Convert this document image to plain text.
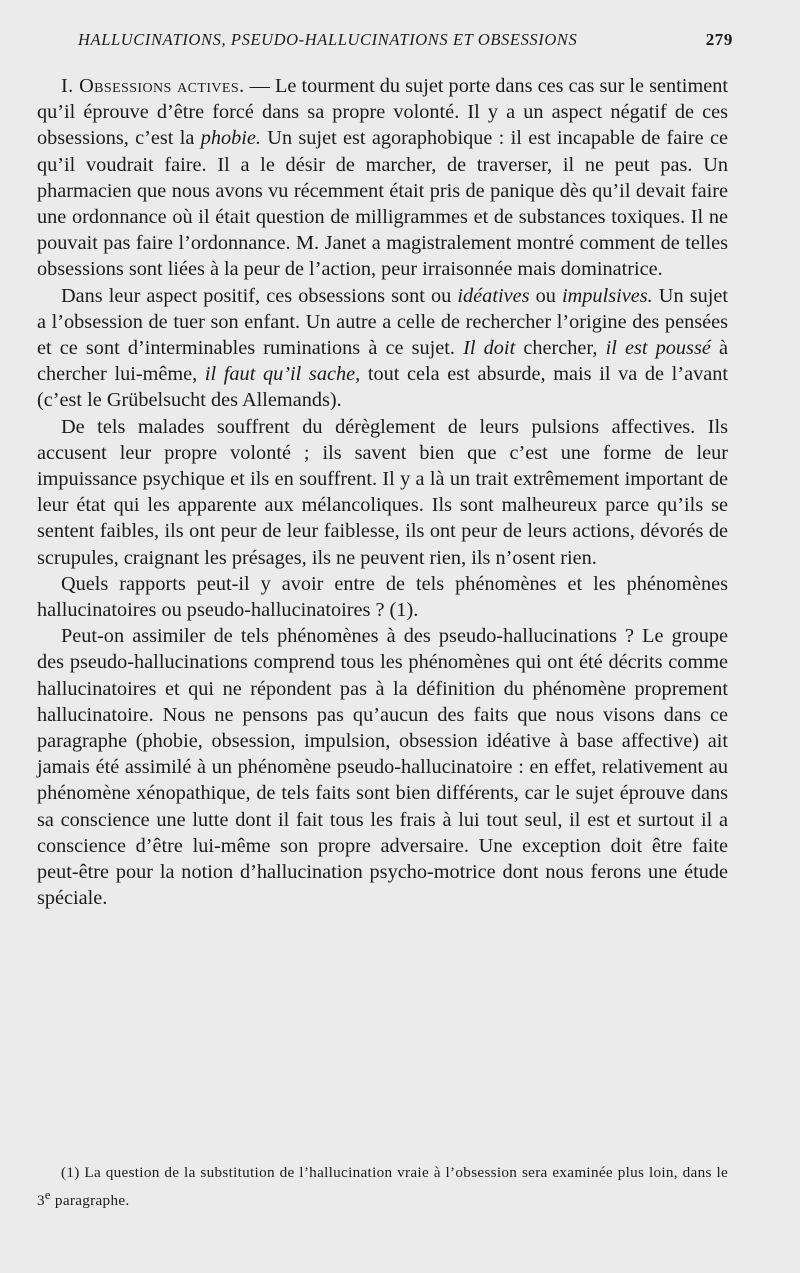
HALLUCINATIONS, PSEUDO-HALLUCINATIONS ET OBSESSIONS	279

I. Obsessions actives. — Le tourment du sujet porte dans ces cas sur le sentiment qu’il éprouve d’être forcé dans sa propre volonté. Il y a un aspect négatif de ces obsessions, c’est la phobie. Un sujet est agoraphobique : il est incapable de faire ce qu’il voudrait faire. Il a le désir de marcher, de traverser, il ne peut pas. Un pharmacien que nous avons vu récemment était pris de panique dès qu’il devait faire une ordonnance où il était question de milligrammes et de substances toxiques. Il ne pouvait pas faire l’ordonnance. M. Janet a magistralement montré comment de telles obsessions sont liées à la peur de l’action, peur irraisonnée mais dominatrice.

Dans leur aspect positif, ces obsessions sont ou idéatives ou impulsives. Un sujet a l’obsession de tuer son enfant. Un autre a celle de rechercher l’origine des pensées et ce sont d’interminables ruminations à ce sujet. Il doit chercher, il est poussé à chercher lui-même, il faut qu’il sache, tout cela est absurde, mais il va de l’avant (c’est le Grübelsucht des Allemands).

De tels malades souffrent du dérèglement de leurs pulsions affectives. Ils accusent leur propre volonté ; ils savent bien que c’est une forme de leur impuissance psychique et ils en souffrent. Il y a là un trait extrêmement important de leur état qui les apparente aux mélancoliques. Ils sont malheureux parce qu’ils se sentent faibles, ils ont peur de leur faiblesse, ils ont peur de leurs actions, dévorés de scrupules, craignant les présages, ils ne peuvent rien, ils n’osent rien.

Quels rapports peut-il y avoir entre de tels phénomènes et les phénomènes hallucinatoires ou pseudo-hallucinatoires ? (1).

Peut-on assimiler de tels phénomènes à des pseudo-hallucinations ? Le groupe des pseudo-hallucinations comprend tous les phénomènes qui ont été décrits comme hallucinatoires et qui ne répondent pas à la définition du phénomène proprement hallucinatoire. Nous ne pensons pas qu’aucun des faits que nous visons dans ce paragraphe (phobie, obsession, impulsion, obsession idéative à base affective) ait jamais été assimilé à un phénomène pseudo-hallucinatoire : en effet, relativement au phénomène xénopathique, de tels faits sont bien différents, car le sujet éprouve dans sa conscience une lutte dont il fait tous les frais à lui tout seul, il est et surtout il a conscience d’être lui-même son propre adversaire. Une exception doit être faite peut-être pour la notion d’hallucination psycho-motrice dont nous ferons une étude spéciale.

(1) La question de la substitution de l’hallucination vraie à l’obsession sera examinée plus loin, dans le 3e paragraphe.
